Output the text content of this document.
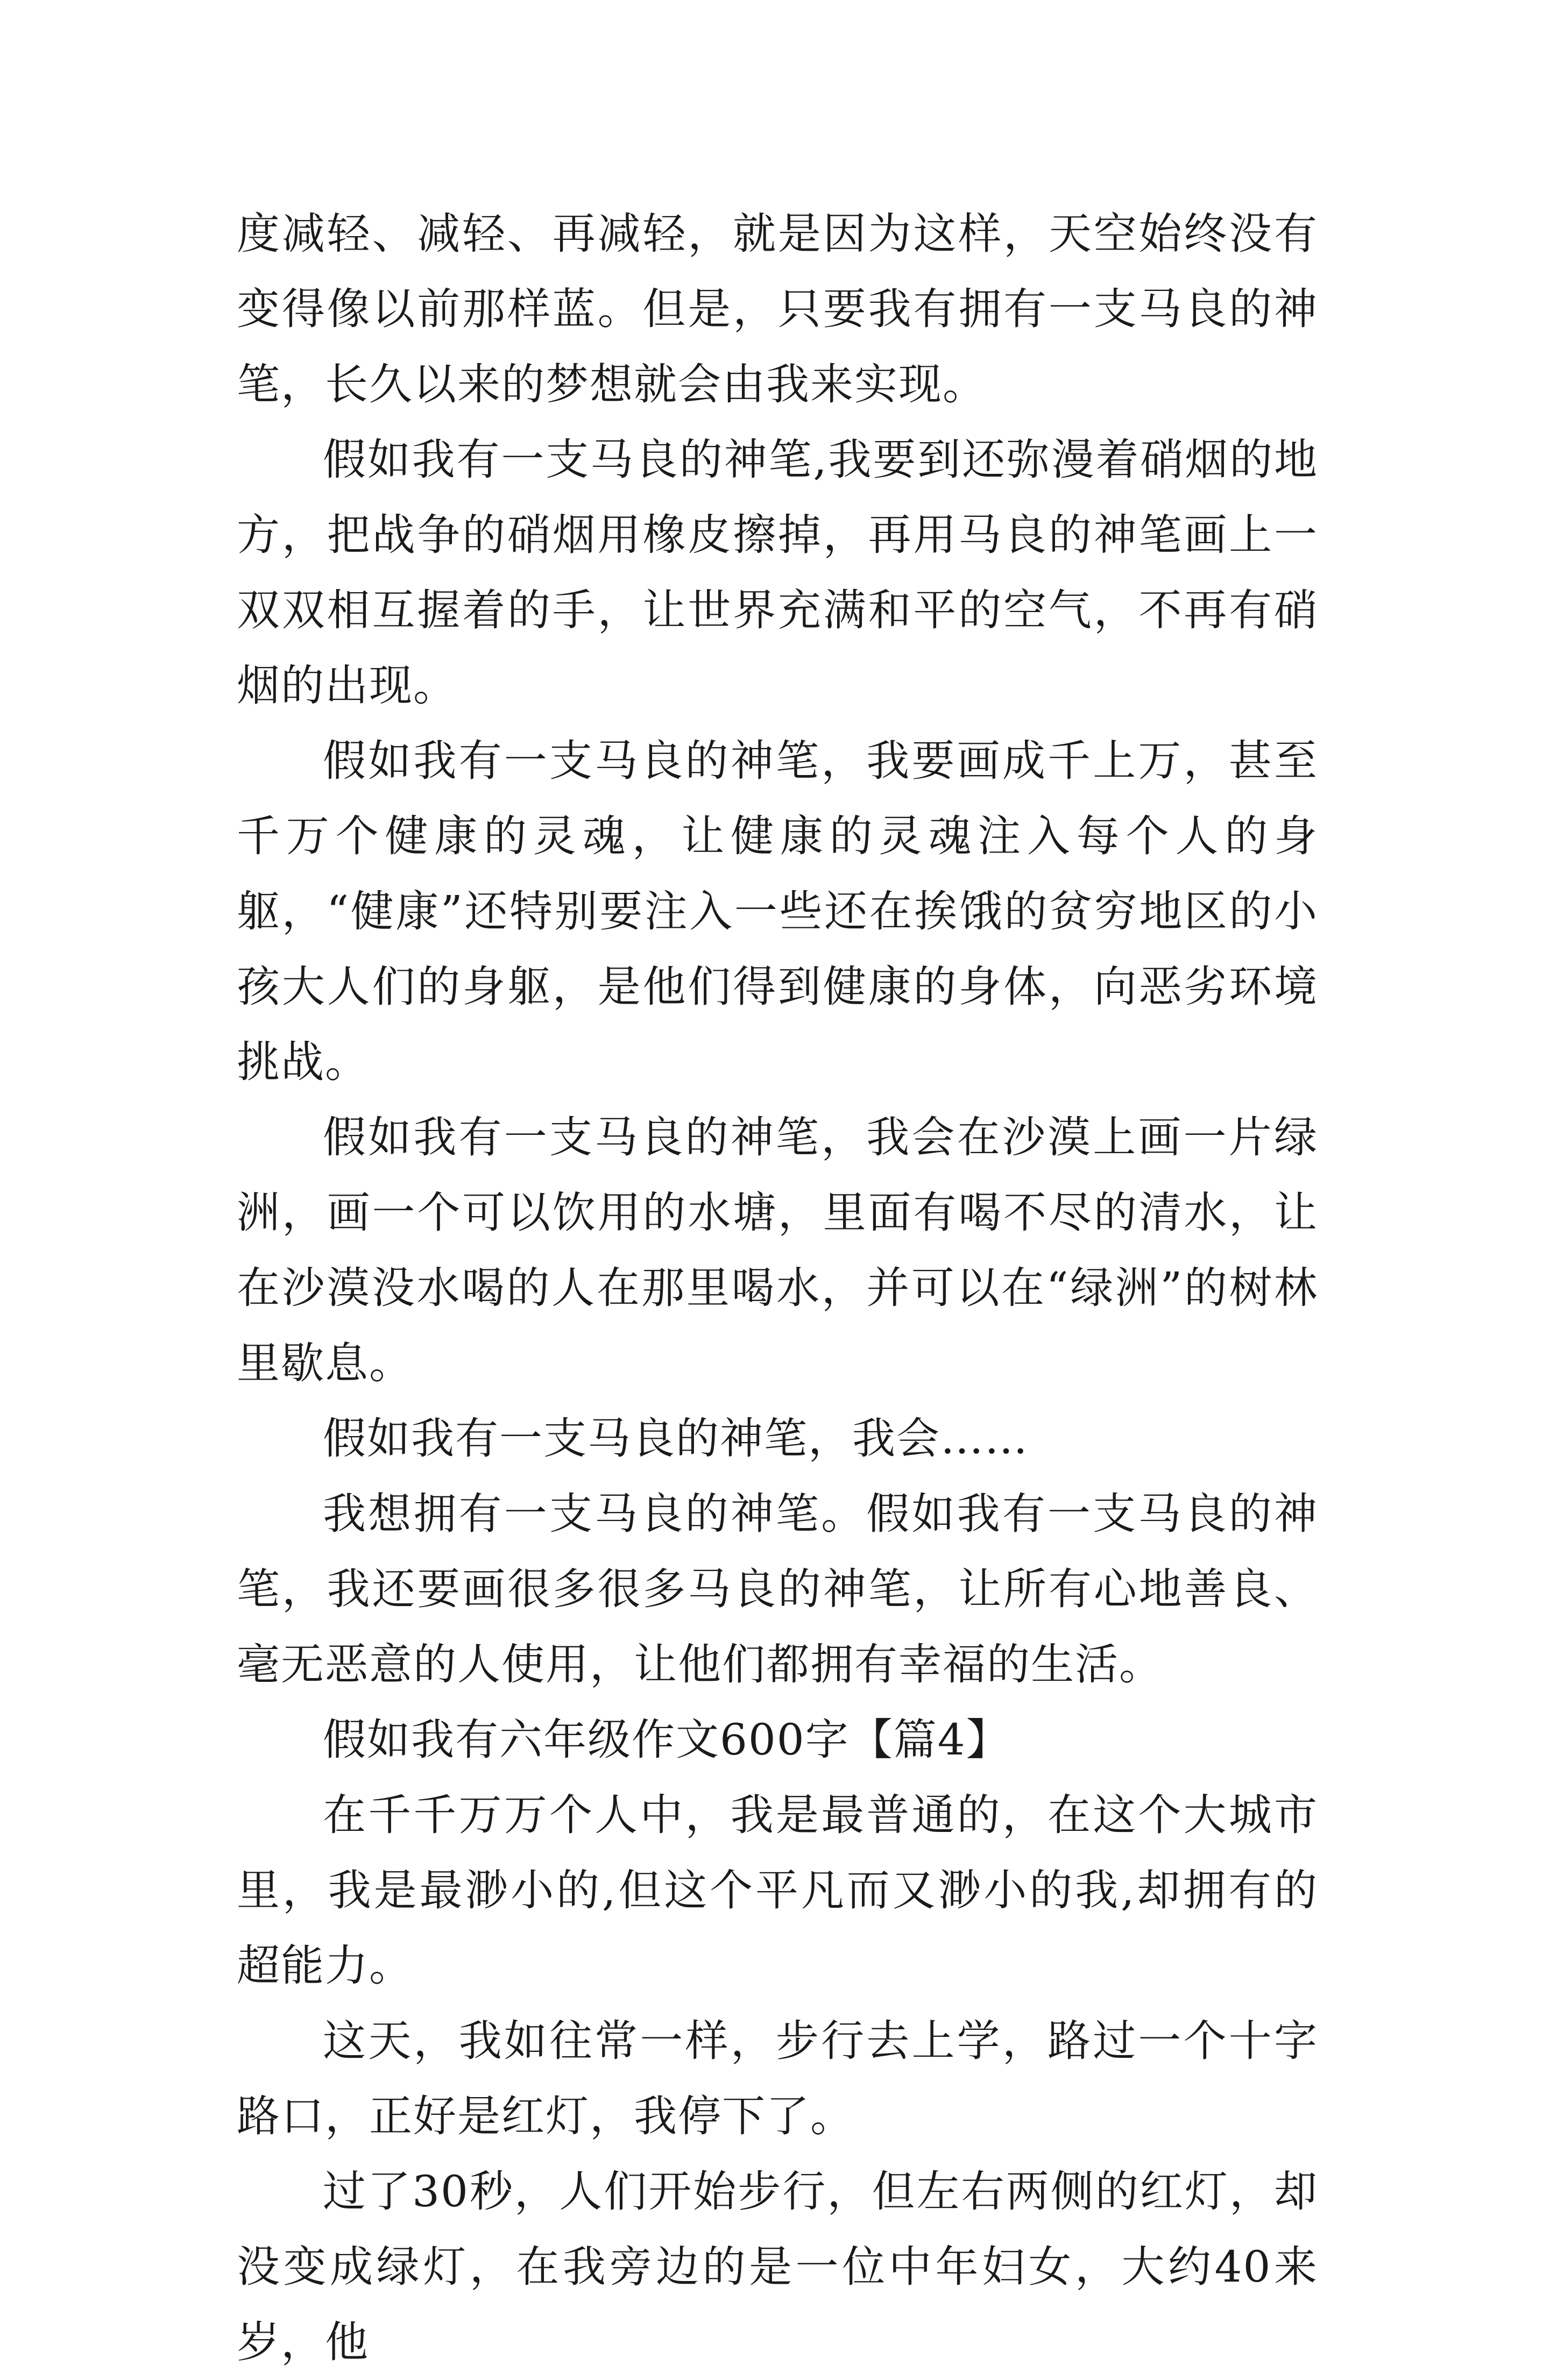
度减轻、减轻、再减轻，就是因为这样，天空始终没有变得像以前那样蓝。但是，只要我有拥有一支马良的神笔，长久以来的梦想就会由我来实现。

假如我有一支马良的神笔,我要到还弥漫着硝烟的地方，把战争的硝烟用橡皮擦掉，再用马良的神笔画上一双双相互握着的手，让世界充满和平的空气，不再有硝烟的出现。

假如我有一支马良的神笔，我要画成千上万，甚至千万个健康的灵魂，让健康的灵魂注入每个人的身躯，“健康”还特别要注入一些还在挨饿的贫穷地区的小孩大人们的身躯，是他们得到健康的身体，向恶劣环境挑战。

假如我有一支马良的神笔，我会在沙漠上画一片绿洲，画一个可以饮用的水塘，里面有喝不尽的清水，让在沙漠没水喝的人在那里喝水，并可以在“绿洲”的树林里歇息。

假如我有一支马良的神笔，我会……

我想拥有一支马良的神笔。假如我有一支马良的神笔，我还要画很多很多马良的神笔，让所有心地善良、毫无恶意的人使用，让他们都拥有幸福的生活。

假如我有六年级作文600字【篇4】

在千千万万个人中，我是最普通的，在这个大城市里，我是最渺小的,但这个平凡而又渺小的我,却拥有的超能力。

这天，我如往常一样，步行去上学，路过一个十字路口，正好是红灯，我停下了。

过了30秒，人们开始步行，但左右两侧的红灯，却没变成绿灯，在我旁边的是一位中年妇女，大约40来岁，他
